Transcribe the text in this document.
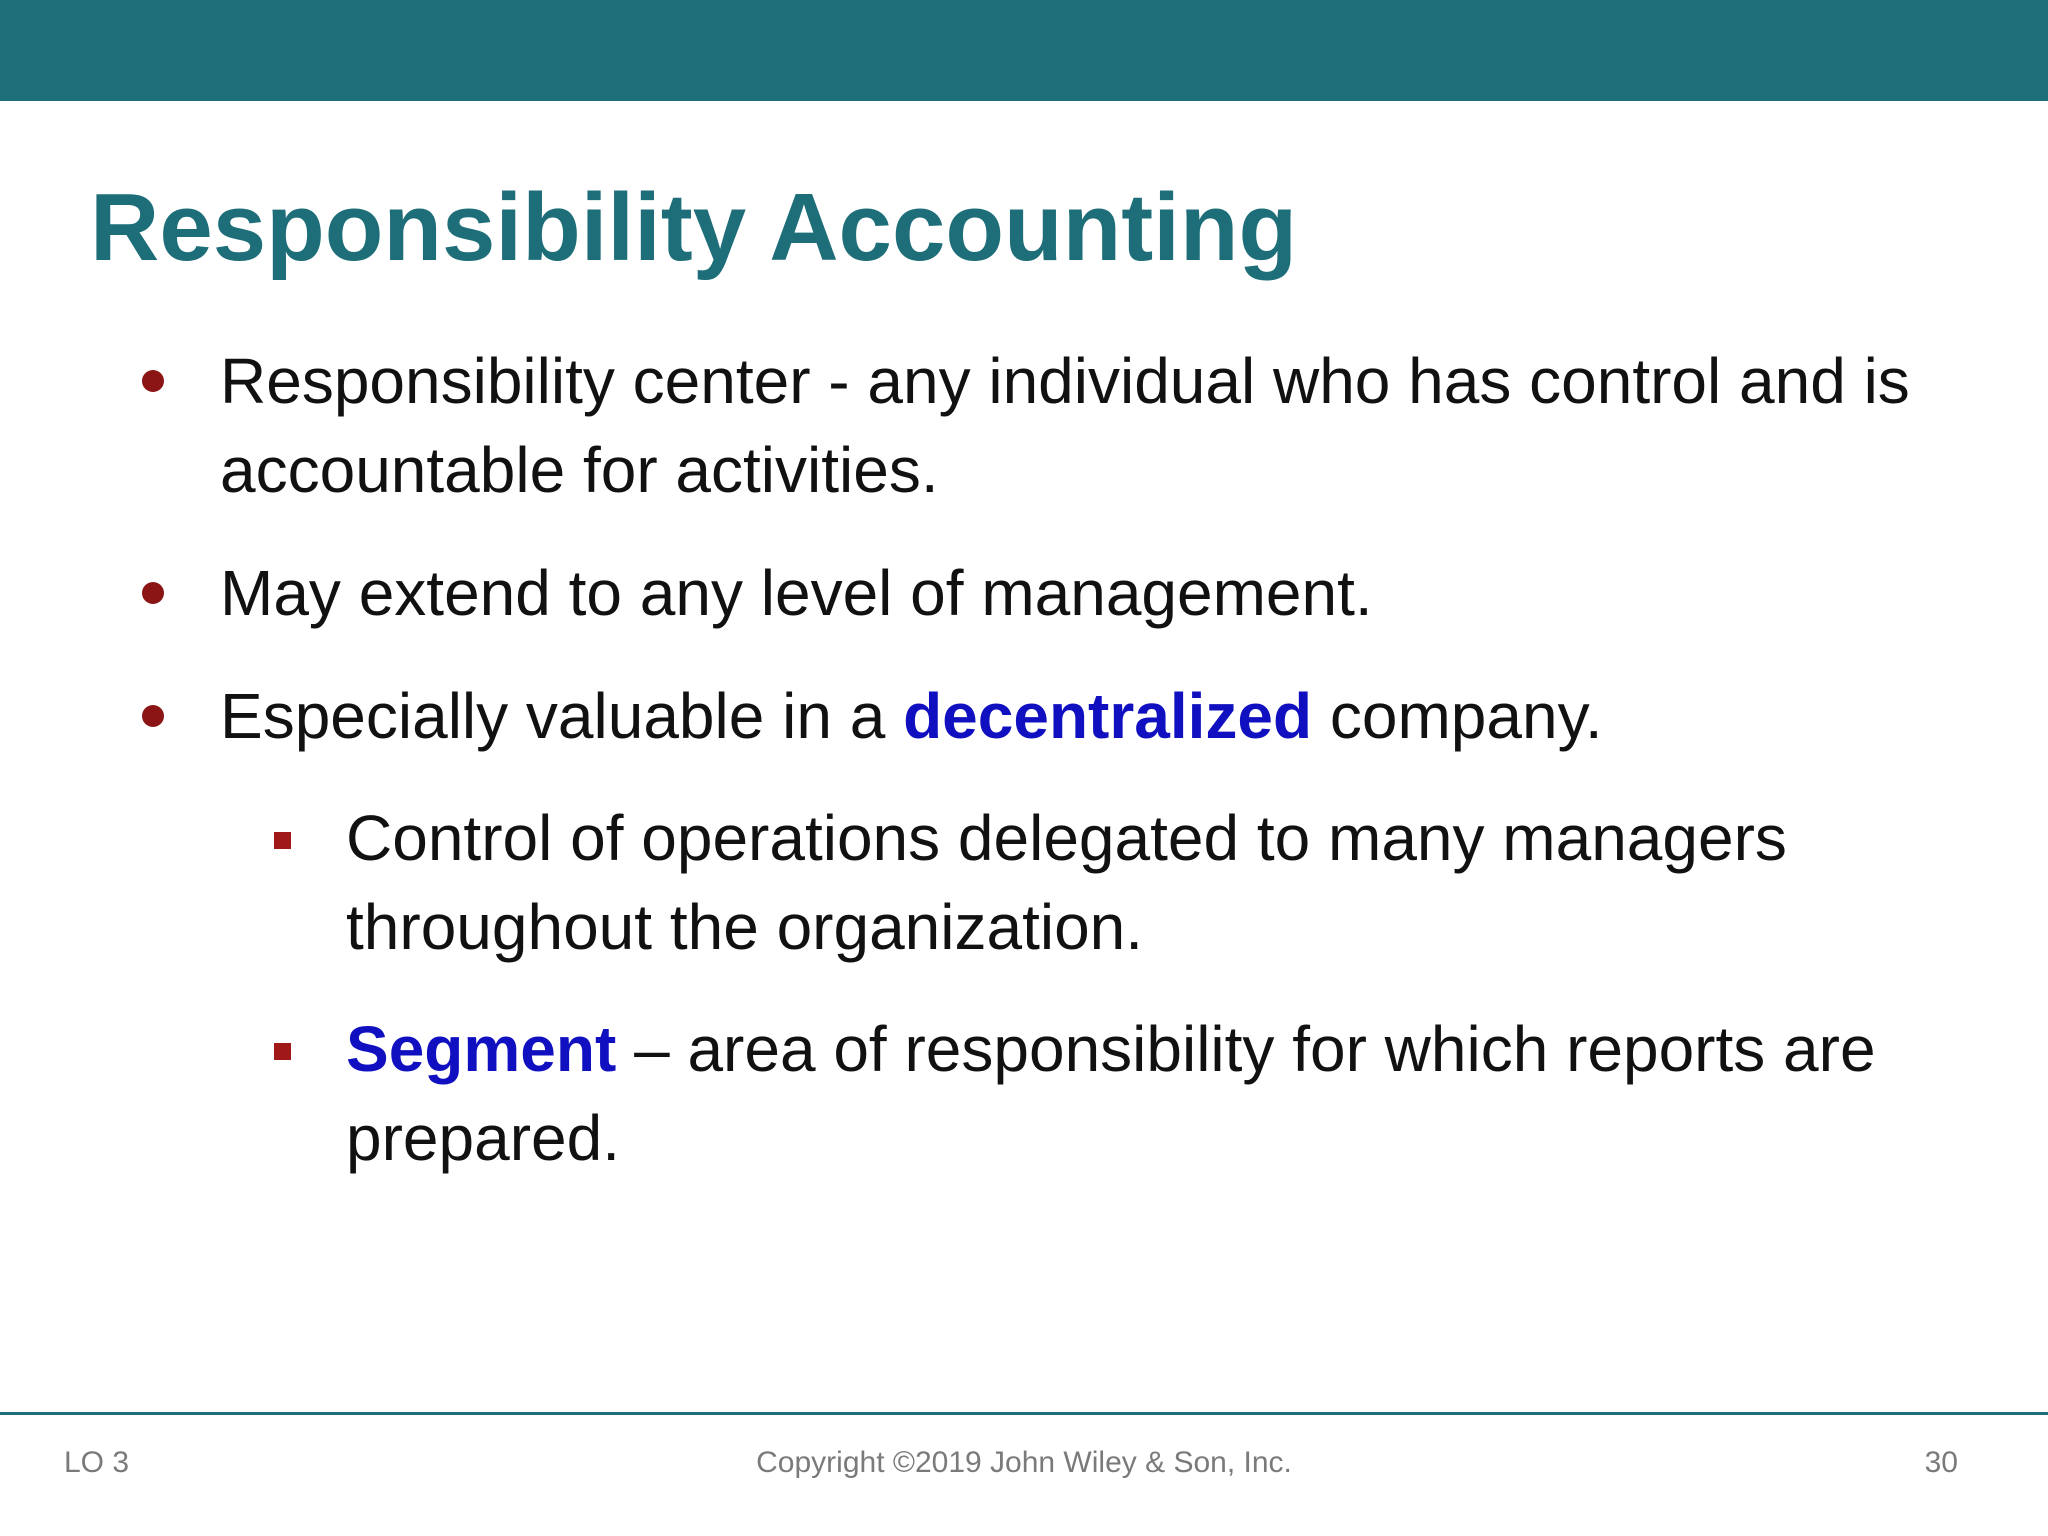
Responsibility Accounting
Responsibility center - any individual who has control and is accountable for activities.
May extend to any level of management.
Especially valuable in a decentralized company.
Control of operations delegated to many managers throughout the organization.
Segment – area of responsibility for which reports are prepared.
LO 3	Copyright ©2019 John Wiley & Son, Inc.	30
